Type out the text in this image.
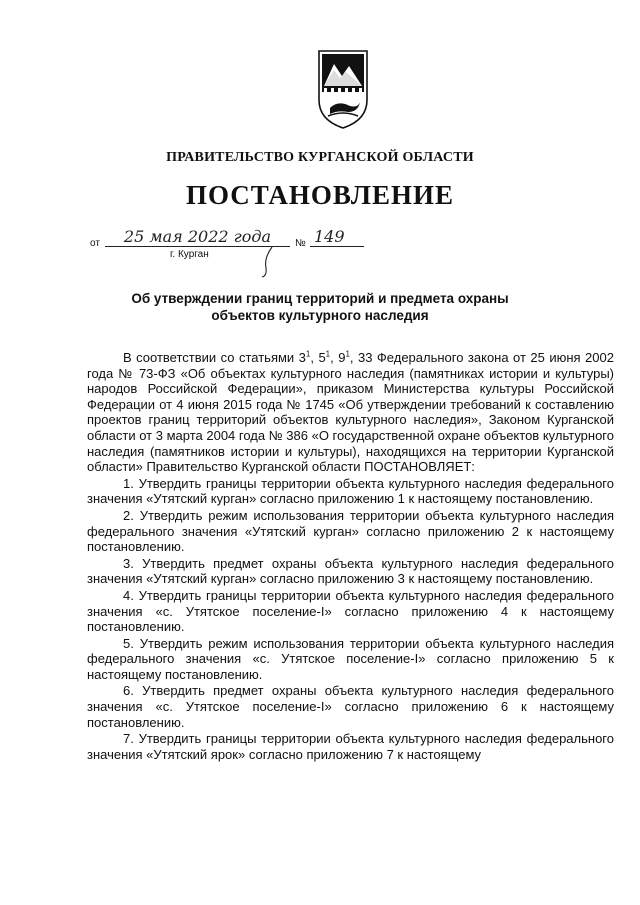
ПРАВИТЕЛЬСТВО КУРГАНСКОЙ ОБЛАСТИ
ПОСТАНОВЛЕНИЕ
от	25 мая 2022 года	№ 149
г. Курган
Об утверждении границ территорий и предмета охраны
объектов культурного наследия

В соответствии со статьями $3^1$, $5^1$, $9^1$, 33 Федерального закона от 25 июня 2002 года № 73-ФЗ «Об объектах культурного наследия (памятниках истории и культуры) народов Российской Федерации», приказом Министерства культуры Российской Федерации от 4 июня 2015 года № 1745 «Об утверждении требований к составлению проектов границ территорий объектов культурного наследия», Законом Курганской области от 3 марта 2004 года № 386 «О государственной охране объектов культурного наследия (памятников истории и культуры), находящихся на территории Курганской области» Правительство Курганской области ПОСТАНОВЛЯЕТ:

1. Утвердить границы территории объекта культурного наследия федерального значения «Утятский курган» согласно приложению 1 к настоящему постановлению.

2. Утвердить режим использования территории объекта культурного наследия федерального значения «Утятский курган» согласно приложению 2 к настоящему постановлению.

3. Утвердить предмет охраны объекта культурного наследия федерального значения «Утятский курган» согласно приложению 3 к настоящему постановлению.

4. Утвердить границы территории объекта культурного наследия федерального значения «с. Утятское поселение-I» согласно приложению 4 к настоящему постановлению.

5. Утвердить режим использования территории объекта культурного наследия федерального значения «с. Утятское поселение-I» согласно приложению 5 к настоящему постановлению.

6. Утвердить предмет охраны объекта культурного наследия федерального значения «с. Утятское поселение-I» согласно приложению 6 к настоящему постановлению.

7. Утвердить границы территории объекта культурного наследия федерального значения «Утятский ярок» согласно приложению 7 к настоящему
